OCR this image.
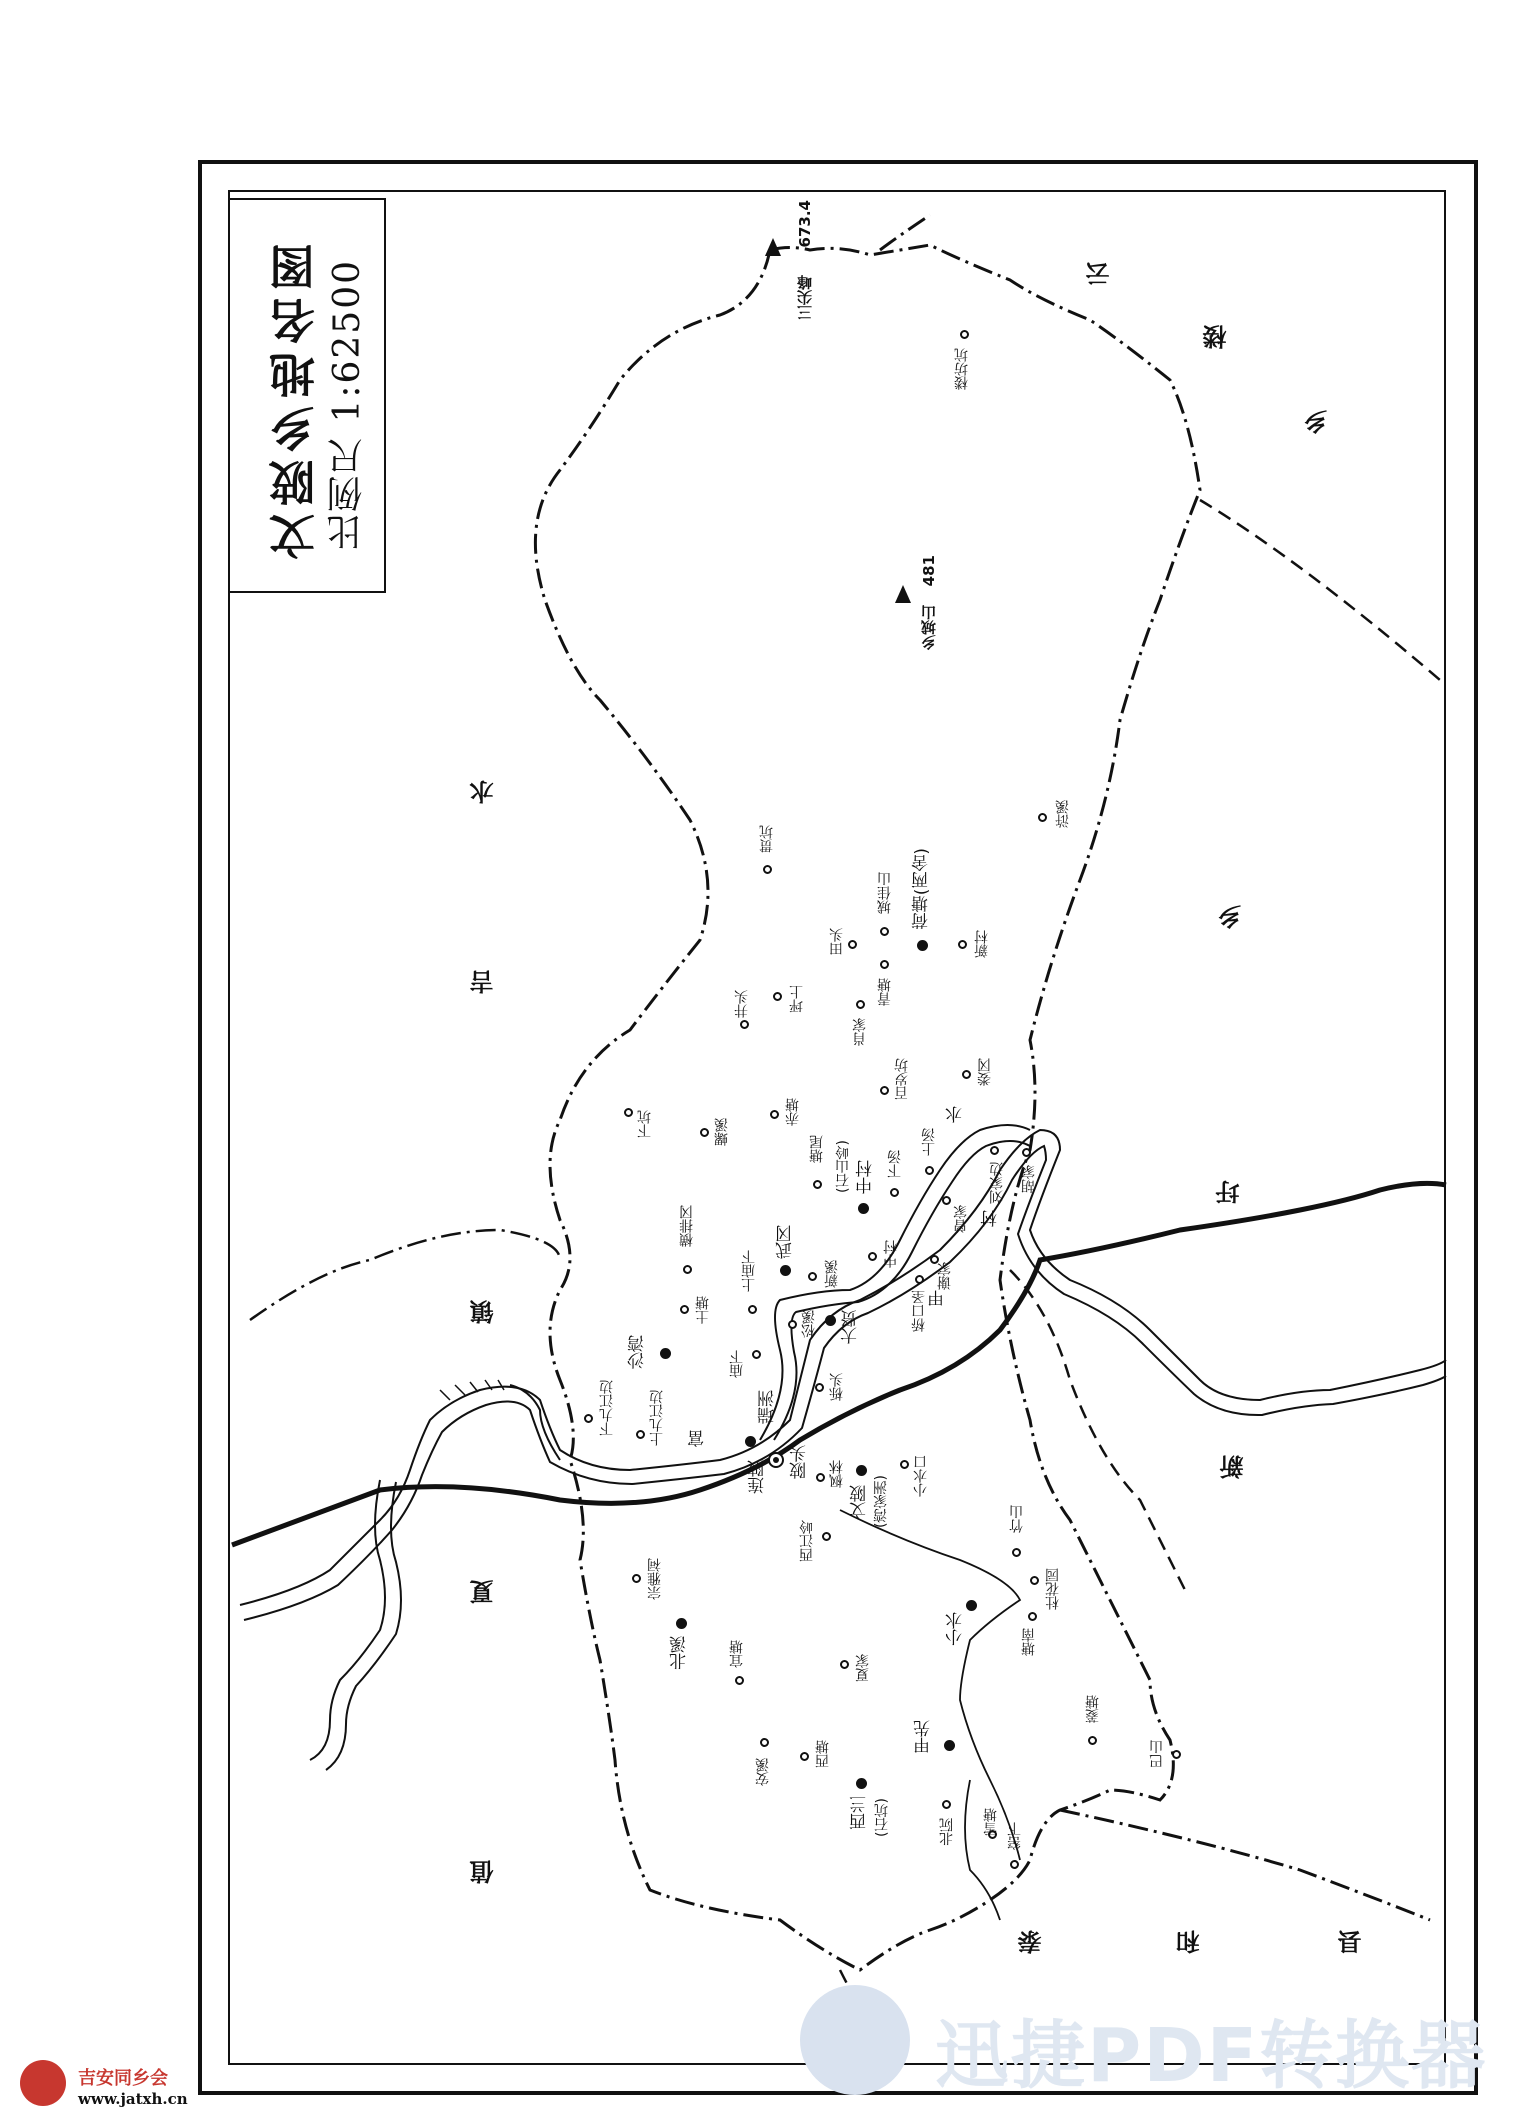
文陂乡地名图 比例尺 1:62500
水
吉
镇
云
楼
乡
乡
圩
新
夏
值
泰	和	县
三尖峰
673.4
乡城山
481
楼坊坑
贯坑
城佳山 荷塘(两舍)
田头	新村
浒溪
井头	坪上
肖家
青塘
百岁坊	娄冈
下坑	螺溪
赤塘
塘尾 (石山岭) 中村 下汤
上汤
横排冈	武冈
新溪
中村
上庙下
土塘
沙湾	庙下
松溪 大贤	桥口圣
谢家
曾家
刘家边 胡家
下九江边 上九江边	瑞洲
连陂 陂头
栎头
枫林
文陂 (湾家洲) 小水口
西江岭
竹山
杜花园
小水
宗雅祠
北溪	宜塘	夏家
塘南
甲先
菱塘
安溪
西塘
西兰 (石坑)
巴山
北阮 雪塘 窑下
富
水
村
甲
迅捷PDF转换器
吉安同乡会
www.jatxh.cn
